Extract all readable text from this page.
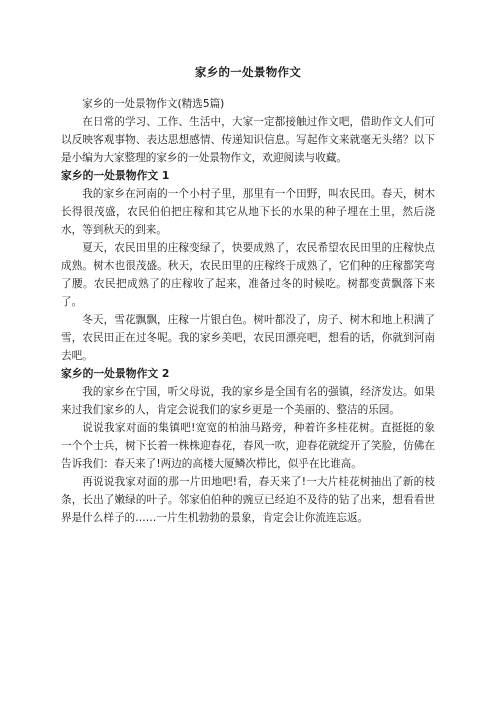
家乡的一处景物作文

家乡的一处景物作文(精选5篇)

在日常的学习、工作、生活中，大家一定都接触过作文吧，借助作文人们可以反映客观事物、表达思想感情、传递知识信息。写起作文来就毫无头绪？以下是小编为大家整理的家乡的一处景物作文，欢迎阅读与收藏。

家乡的一处景物作文 1

我的家乡在河南的一个小村子里，那里有一个田野，叫农民田。春天，树木长得很茂盛，农民伯伯把庄稼和其它从地下长的水果的种子埋在土里，然后浇水，等到秋天的到来。

夏天，农民田里的庄稼变绿了，快要成熟了，农民希望农民田里的庄稼快点成熟。树木也很茂盛。秋天，农民田里的庄稼终于成熟了，它们种的庄稼都笑弯了腰。农民把成熟了的庄稼收了起来，准备过冬的时候吃。树都变黄飘落下来了。

冬天，雪花飘飘，庄稼一片银白色。树叶都没了，房子、树木和地上积满了雪，农民田正在过冬呢。我的家乡美吧，农民田漂亮吧，想看的话，你就到河南去吧。

家乡的一处景物作文 2

我的家乡在宁国，听父母说，我的家乡是全国有名的强镇，经济发达。如果来过我们家乡的人，肯定会说我们的家乡更是一个美丽的、整洁的乐园。

说说我家对面的集镇吧!宽宽的柏油马路旁，种着许多桂花树。直挺挺的象一个个士兵，树下长着一株株迎春花，春风一吹，迎春花就绽开了笑脸，仿佛在告诉我们：春天来了!两边的高楼大厦鳞次栉比，似乎在比谁高。

再说说我家对面的那一片田地吧!看，春天来了!一大片桂花树抽出了新的枝条，长出了嫩绿的叶子。邻家伯伯种的豌豆已经迫不及待的钻了出来，想看看世界是什么样子的……一片生机勃勃的景象，肯定会让你流连忘返。
